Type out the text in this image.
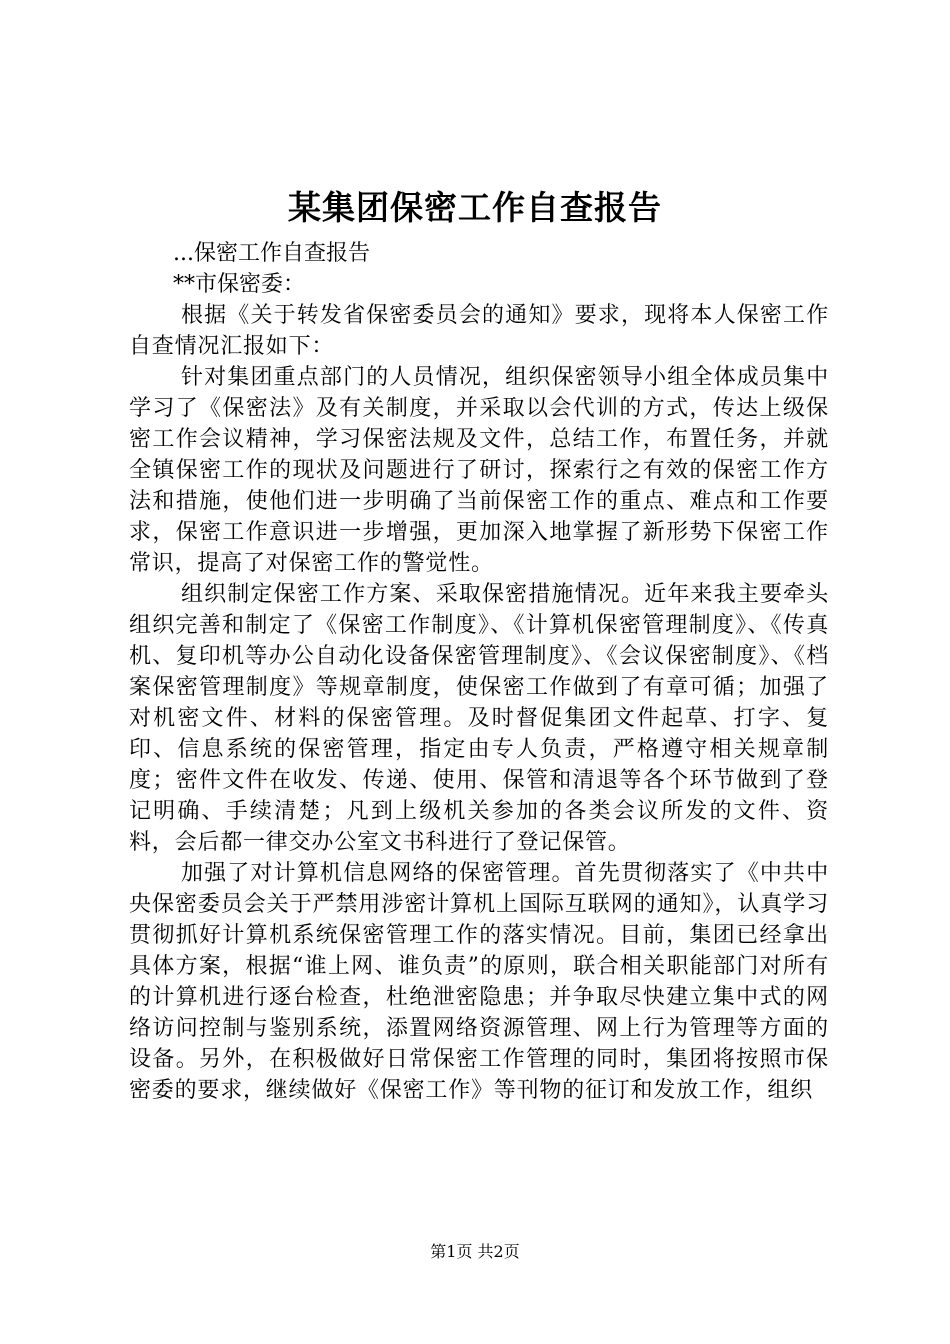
某集团保密工作自查报告

...保密工作自查报告

**市保密委：

根据《关于转发省保密委员会的通知》要求，现将本人保密工作自查情况汇报如下：

针对集团重点部门的人员情况，组织保密领导小组全体成员集中学习了《保密法》及有关制度，并采取以会代训的方式，传达上级保密工作会议精神，学习保密法规及文件，总结工作，布置任务，并就全镇保密工作的现状及问题进行了研讨，探索行之有效的保密工作方法和措施，使他们进一步明确了当前保密工作的重点、难点和工作要求，保密工作意识进一步增强，更加深入地掌握了新形势下保密工作常识，提高了对保密工作的警觉性。

组织制定保密工作方案、采取保密措施情况。近年来我主要牵头组织完善和制定了《保密工作制度》、《计算机保密管理制度》、《传真机、复印机等办公自动化设备保密管理制度》、《会议保密制度》、《档案保密管理制度》等规章制度，使保密工作做到了有章可循；加强了对机密文件、材料的保密管理。及时督促集团文件起草、打字、复印、信息系统的保密管理，指定由专人负责，严格遵守相关规章制度；密件文件在收发、传递、使用、保管和清退等各个环节做到了登记明确、手续清楚；凡到上级机关参加的各类会议所发的文件、资料，会后都一律交办公室文书科进行了登记保管。

加强了对计算机信息网络的保密管理。首先贯彻落实了《中共中央保密委员会关于严禁用涉密计算机上国际互联网的通知》，认真学习贯彻抓好计算机系统保密管理工作的落实情况。目前，集团已经拿出具体方案，根据“谁上网、谁负责”的原则，联合相关职能部门对所有的计算机进行逐台检查，杜绝泄密隐患；并争取尽快建立集中式的网络访问控制与鉴别系统，添置网络资源管理、网上行为管理等方面的设备。另外，在积极做好日常保密工作管理的同时，集团将按照市保密委的要求，继续做好《保密工作》等刊物的征订和发放工作，组织

第1页 共2页
